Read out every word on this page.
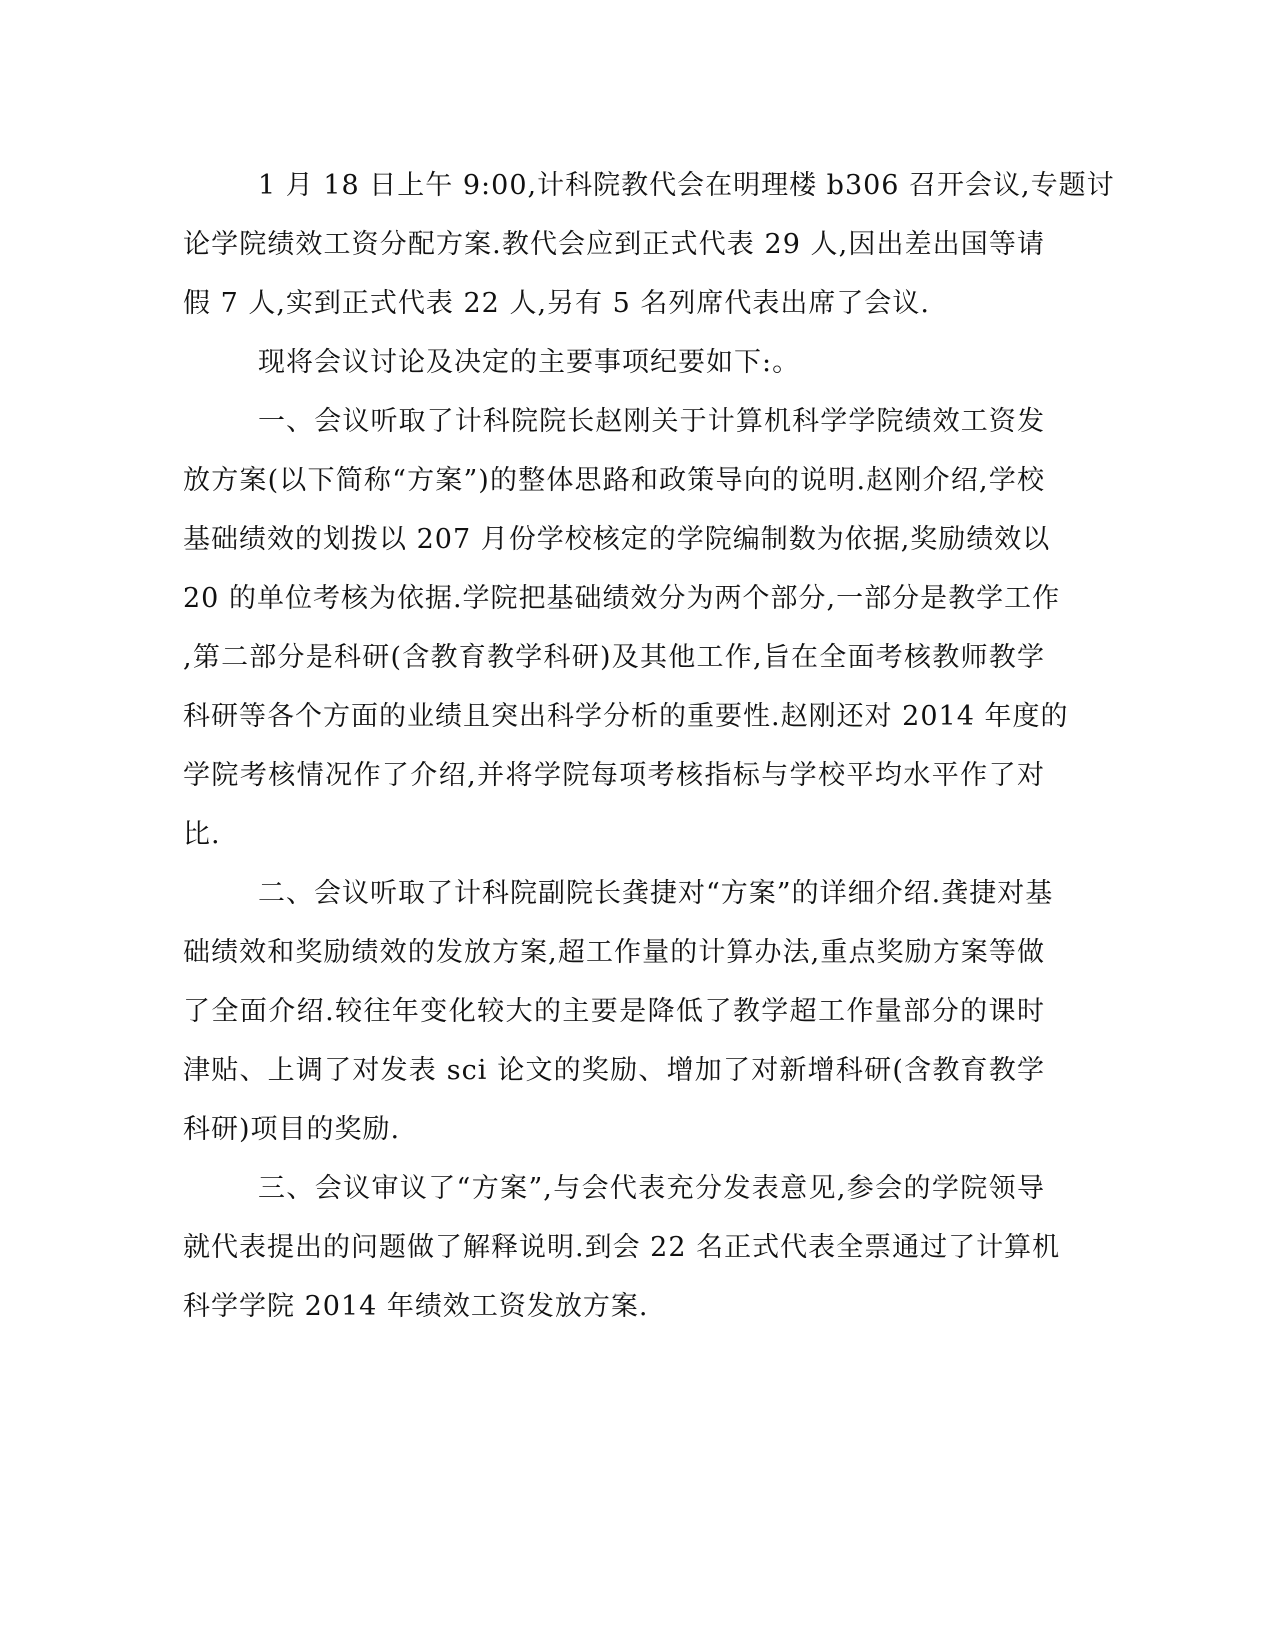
1 月 18 日上午 9:00,计科院教代会在明理楼 b306 召开会议,专题讨
论学院绩效工资分配方案.教代会应到正式代表 29 人,因出差出国等请
假 7 人,实到正式代表 22 人,另有 5 名列席代表出席了会议.
现将会议讨论及决定的主要事项纪要如下:。
一、会议听取了计科院院长赵刚关于计算机科学学院绩效工资发
放方案(以下简称“方案”)的整体思路和政策导向的说明.赵刚介绍,学校
基础绩效的划拨以 207 月份学校核定的学院编制数为依据,奖励绩效以
20 的单位考核为依据.学院把基础绩效分为两个部分,一部分是教学工作
,第二部分是科研(含教育教学科研)及其他工作,旨在全面考核教师教学
科研等各个方面的业绩且突出科学分析的重要性.赵刚还对 2014 年度的
学院考核情况作了介绍,并将学院每项考核指标与学校平均水平作了对
比.
二、会议听取了计科院副院长龚捷对“方案”的详细介绍.龚捷对基
础绩效和奖励绩效的发放方案,超工作量的计算办法,重点奖励方案等做
了全面介绍.较往年变化较大的主要是降低了教学超工作量部分的课时
津贴、上调了对发表 sci 论文的奖励、增加了对新增科研(含教育教学
科研)项目的奖励.
三、会议审议了“方案”,与会代表充分发表意见,参会的学院领导
就代表提出的问题做了解释说明.到会 22 名正式代表全票通过了计算机
科学学院 2014 年绩效工资发放方案.
